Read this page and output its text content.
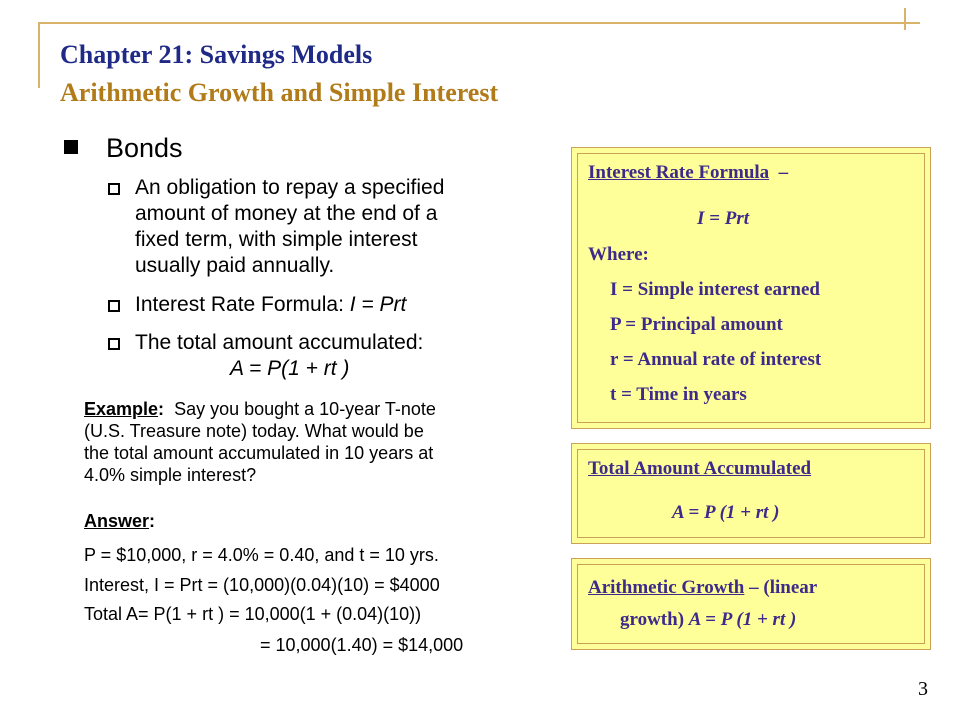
Chapter 21: Savings Models
Arithmetic Growth and Simple Interest
Bonds
An obligation to repay a specified
amount of money at the end of a
fixed term, with simple interest
usually paid annually.
Interest Rate Formula: I = Prt
The total amount accumulated:
A = P(1 + rt )
Example: Say you bought a 10-year T-note
(U.S. Treasure note) today. What would be
the total amount accumulated in 10 years at
4.0% simple interest?
Answer:
P = $10,000, r = 4.0% = 0.40, and t = 10 yrs.
Interest, I = Prt = (10,000)(0.04)(10) = $4000
Total A= P(1 + rt ) = 10,000(1 + (0.04)(10))
= 10,000(1.40) = $14,000
Interest Rate Formula –
I = Prt
Where:
I = Simple interest earned
P = Principal amount
r = Annual rate of interest
t = Time in years
Total Amount Accumulated
A = P (1 + rt )
Arithmetic Growth – (linear
growth) A = P (1 + rt )
3
